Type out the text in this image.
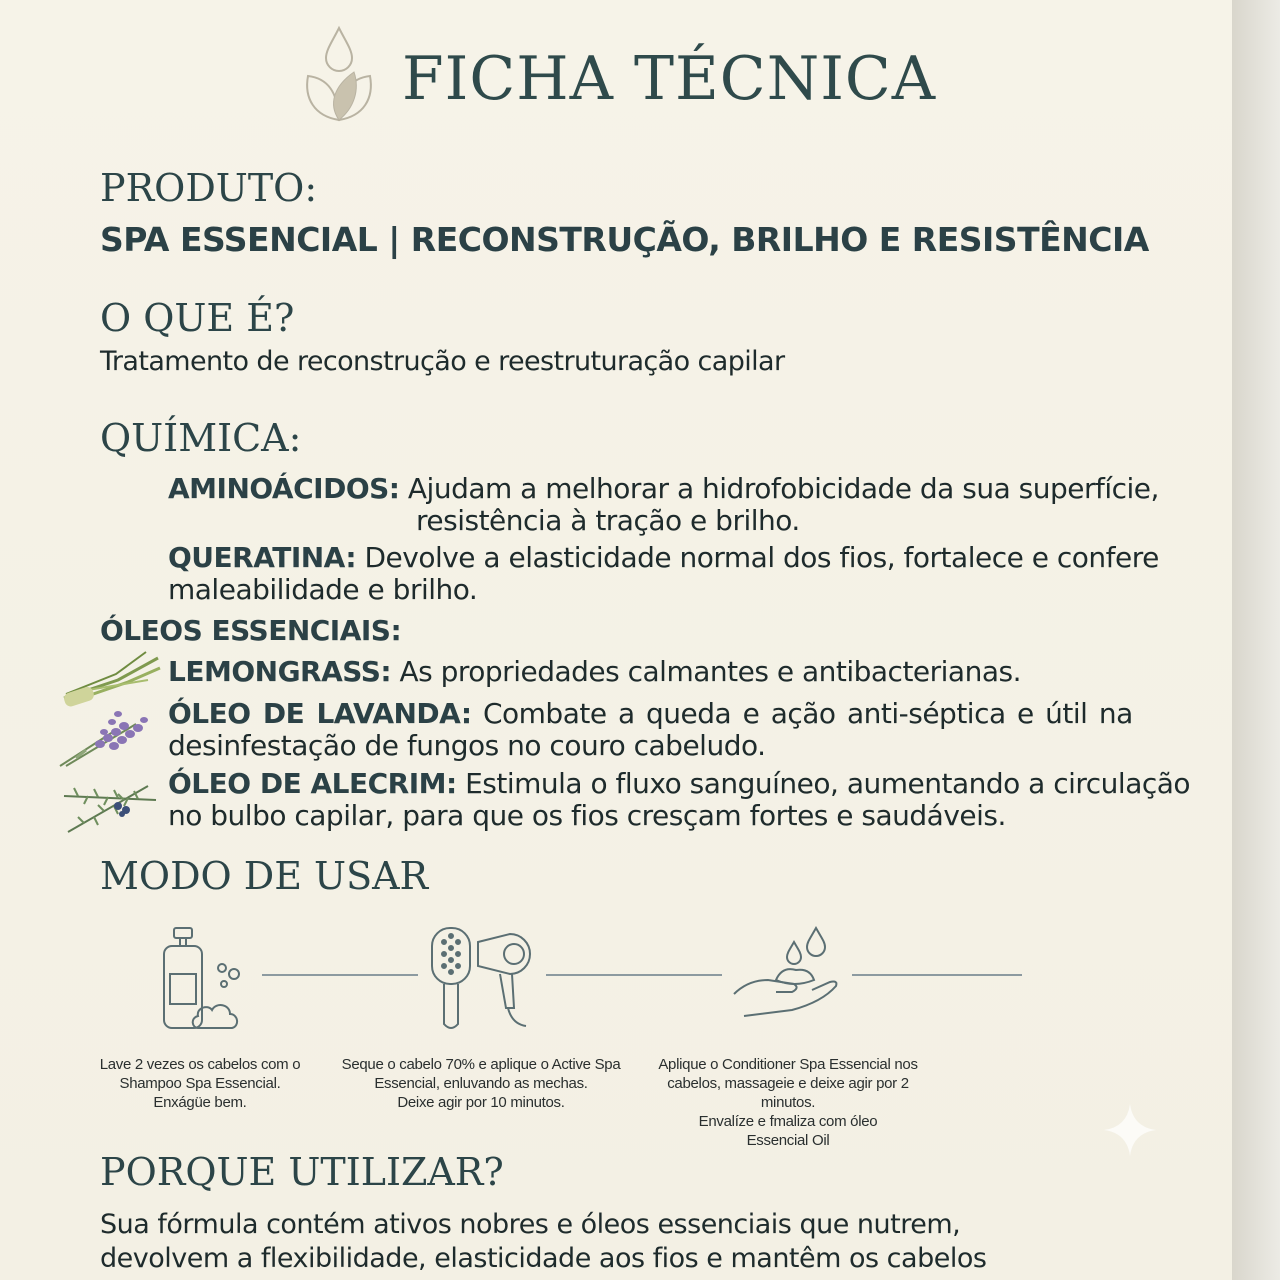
FICHA TÉCNICA
PRODUTO:
SPA ESSENCIAL | RECONSTRUÇÃO, BRILHO E RESISTÊNCIA
O QUE É?
Tratamento de reconstrução e reestruturação capilar
QUÍMICA:
AMINOÁCIDOS: Ajudam a melhorar a hidrofobicidade da sua superfície,
resistência à tração e brilho.
QUERATINA: Devolve a elasticidade normal dos fios, fortalece e confere
maleabilidade e brilho.
ÓLEOS ESSENCIAIS:
LEMONGRASS: As propriedades calmantes e antibacterianas.
ÓLEO DE LAVANDA: Combate a queda e ação anti-séptica e útil na
desinfestação de fungos no couro cabeludo.
ÓLEO DE ALECRIM: Estimula o fluxo sanguíneo, aumentando a circulação
no bulbo capilar, para que os fios cresçam fortes e saudáveis.
MODO DE USAR
Lave 2 vezes os cabelos com o
Shampoo Spa Essencial.
Enxágüe bem.
Seque o cabelo 70% e aplique o Active Spa
Essencial, enluvando as mechas.
Deixe agir por 10 minutos.
Aplique o Conditioner Spa Essencial nos
cabelos, massageie e deixe agir por 2
minutos.
Envalíze e fmaliza com óleo
Essencial Oil
PORQUE UTILIZAR?
Sua fórmula contém ativos nobres e óleos essenciais que nutrem,
devolvem a flexibilidade, elasticidade aos fios e mantêm os cabelos
